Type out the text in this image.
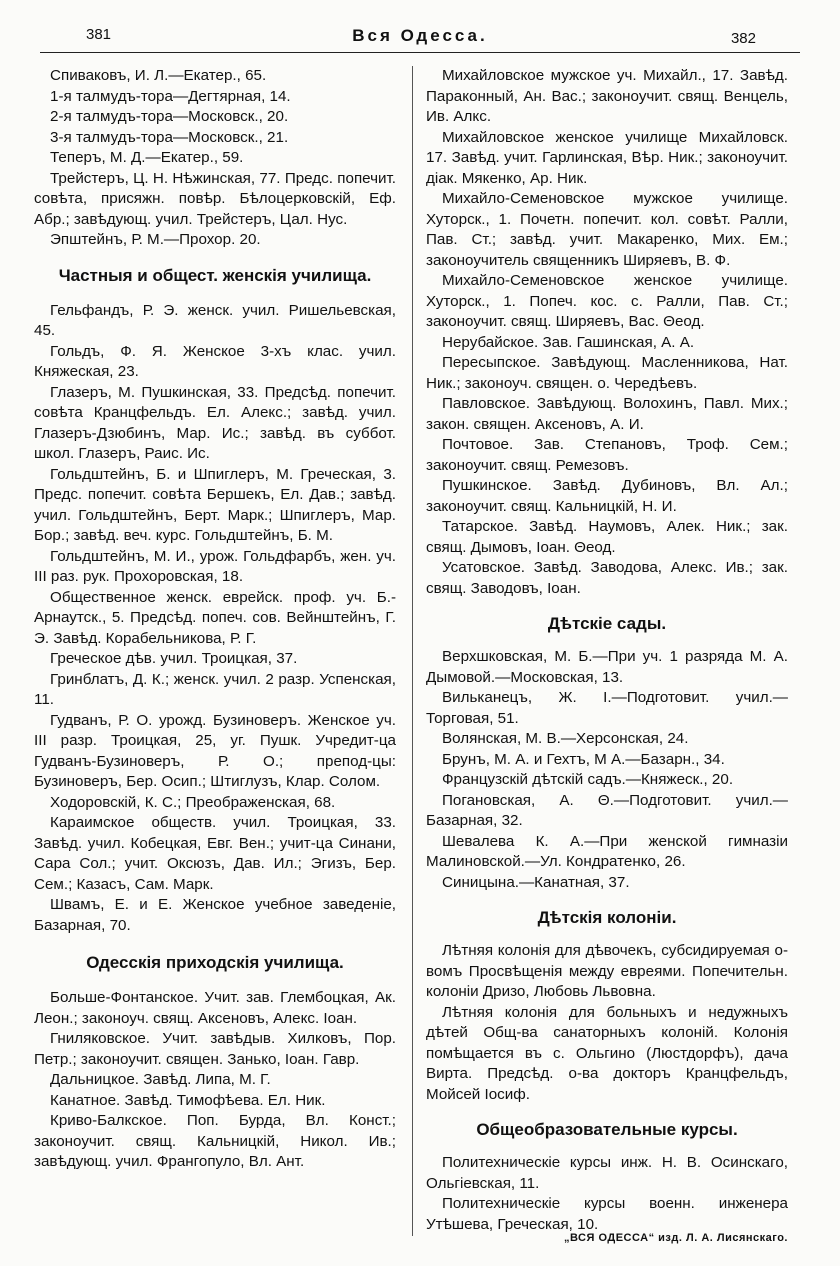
381	Вся Одесса.	382
Спиваковъ, И. Л.—Екатер., 65.
1-я талмудъ-тора—Дегтярная, 14.
2-я талмудъ-тора—Московск., 20.
3-я талмудъ-тора—Московск., 21.
Теперъ, М. Д.—Екатер., 59.
Трейстеръ, Ц. Н. Нѣжинская, 77. Предс. попечит. совѣта, присяжн. повѣр. Бѣлоцерковскій, Еф. Абр.; завѣдующ. учил. Трейстеръ, Цал. Нус.
Эпштейнъ, Р. М.—Прохор. 20.
Частныя и общест. женскія училища.
Гельфандъ, Р. Э. женск. учил. Ришельевская, 45.
Гольдъ, Ф. Я. Женское 3-хъ клас. учил. Княжеская, 23.
Глазеръ, М. Пушкинская, 33. Предсѣд. попечит. совѣта Кранцфельдъ. Ел. Алекс.; завѣд. учил. Глазеръ-Дзюбинъ, Мар. Ис.; завѣд. въ суббот. школ. Глазеръ, Раис. Ис.
Гольдштейнъ, Б. и Шпиглеръ, М. Греческая, 3. Предс. попечит. совѣта Бершекъ, Ел. Дав.; завѣд. учил. Гольдштейнъ, Берт. Марк.; Шпиглеръ, Мар. Бор.; завѣд. веч. курс. Гольдштейнъ, Б. М.
Гольдштейнъ, М. И., урож. Гольдфарбъ, жен. уч. III раз. рук. Прохоровская, 18.
Общественное женск. еврейск. проф. уч. Б.-Арнаутск., 5. Предсѣд. попеч. сов. Вейнштейнъ, Г. Э. Завѣд. Корабельникова, Р. Г.
Греческое дѣв. учил. Троицкая, 37.
Гринблатъ, Д. К.; женск. учил. 2 разр. Успенская, 11.
Гудванъ, Р. О. урожд. Бузиноверъ. Женское уч. III разр. Троицкая, 25, уг. Пушк. Учредит-ца Гудванъ-Бузиноверъ, Р. О.; препод-цы: Бузиноверъ, Бер. Осип.; Штиглузъ, Клар. Солом.
Ходоровскій, К. С.; Преображенская, 68.
Караимское обществ. учил. Троицкая, 33. Завѣд. учил. Кобецкая, Евг. Вен.; учит-ца Синани, Сара Сол.; учит. Оксюзъ, Дав. Ил.; Эгизъ, Бер. Сем.; Казасъ, Сам. Марк.
Швамъ, Е. и Е. Женское учебное заведеніе, Базарная, 70.
Одесскія приходскія училища.
Больше-Фонтанское. Учит. зав. Глембоцкая, Ак. Леон.; законоуч. свящ. Аксеновъ, Алекс. Іоан.
Гниляковское. Учит. завѣдыв. Хилковъ, Пор. Петр.; законоучит. священ. Занько, Іоан. Гавр.
Дальницкое. Завѣд. Липа, М. Г.
Канатное. Завѣд. Тимофѣева. Ел. Ник.
Криво-Балкское. Поп. Бурда, Вл. Конст.; законоучит. свящ. Кальницкій, Никол. Ив.; завѣдующ. учил. Франгопуло, Вл. Ант.
Михайловское мужское уч. Михайл., 17. Завѣд. Параконный, Ан. Вас.; законоучит. свящ. Венцель, Ив. Алкс.
Михайловское женское училище Михайловск. 17. Завѣд. учит. Гарлинская, Вѣр. Ник.; законоучит. діак. Мякенко, Ар. Ник.
Михайло-Семеновское мужское училище. Хуторск., 1. Почетн. попечит. кол. совѣт. Ралли, Пав. Ст.; завѣд. учит. Макаренко, Мих. Ем.; законоучитель священникъ Ширяевъ, В. Ф.
Михайло-Семеновское женское училище. Хуторск., 1. Попеч. кос. с. Ралли, Пав. Ст.; законоучит. свящ. Ширяевъ, Вас. Θеод.
Нерубайское. Зав. Гашинская, А. А.
Пересыпское. Завѣдующ. Масленникова, Нат. Ник.; законоуч. священ. о. Чередѣевъ.
Павловское. Завѣдующ. Волохинъ, Павл. Мих.; закон. священ. Аксеновъ, А. И.
Почтовое. Зав. Степановъ, Троф. Сем.; законоучит. свящ. Ремезовъ.
Пушкинское. Завѣд. Дубиновъ, Вл. Ал.; законоучит. свящ. Кальницкій, Н. И.
Татарское. Завѣд. Наумовъ, Алек. Ник.; зак. свящ. Дымовъ, Іоан. Θеод.
Усатовское. Завѣд. Заводова, Алекс. Ив.; зак. свящ. Заводовъ, Іоан.
Дѣтскіе сады.
Верхшковская, М. Б.—При уч. 1 разряда М. А. Дымовой.—Московская, 13.
Вильканецъ, Ж. І.—Подготовит. учил.—Торговая, 51.
Волянская, М. В.—Херсонская, 24.
Брунъ, М. А. и Гехтъ, М А.—Базарн., 34.
Французскій дѣтскій садъ.—Княжеск., 20.
Погановская, А. Θ.—Подготовит. учил.—Базарная, 32.
Шевалева К. А.—При женской гимназіи Малиновской.—Ул. Кондратенко, 26.
Синицына.—Канатная, 37.
Дѣтскія колоніи.
Лѣтняя колонія для дѣвочекъ, субсидируемая о-вомъ Просвѣщенія между евреями. Попечительн. колоніи Дризо, Любовь Львовна.
Лѣтняя колонія для больныхъ и недужныхъ дѣтей Общ-ва санаторныхъ колоній. Колонія помѣщается въ с. Ольгино (Люстдорфъ), дача Вирта. Предсѣд. о-ва докторъ Кранцфельдъ, Мойсей Іосиф.
Общеобразовательные курсы.
Политехническіе курсы инж. Н. В. Осинскаго, Ольгіевская, 11.
Политехническіе курсы военн. инженера Утѣшева, Греческая, 10.
„ВСЯ ОДЕССА“ изд. Л. А. Лисянскаго.
